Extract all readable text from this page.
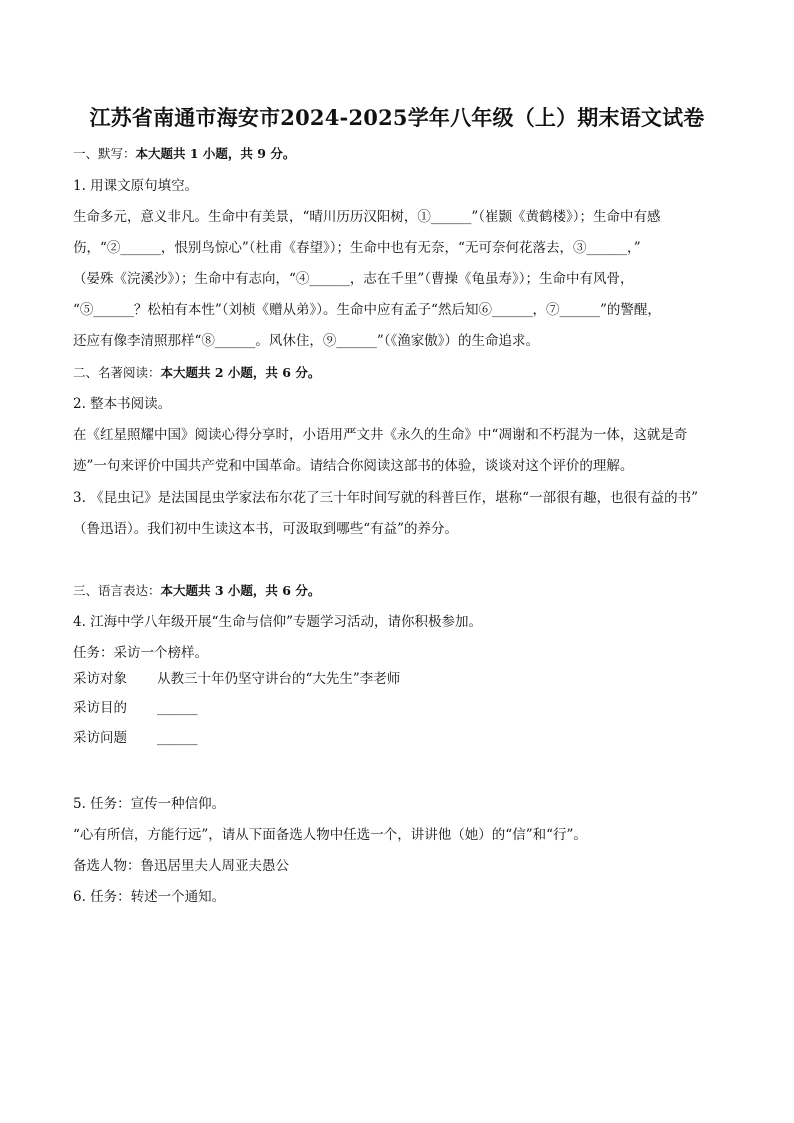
江苏省南通市海安市2024-2025学年八年级（上）期末语文试卷
一、默写：本大题共 1 小题，共 9 分。
1. 用课文原句填空。
生命多元，意义非凡。生命中有美景，“晴川历历汉阳树，①______”（崔颢《黄鹤楼》）；生命中有感
伤，“②______，恨别鸟惊心”（杜甫《春望》）；生命中也有无奈，“无可奈何花落去，③______，”
（晏殊《浣溪沙》）；生命中有志向，“④______，志在千里”（曹操《龟虽寿》）；生命中有风骨，
“⑤______？松柏有本性”（刘桢《赠从弟》）。生命中应有孟子“然后知⑥______，⑦______”的警醒，
还应有像李清照那样“⑧______。风休住，⑨______”（《渔家傲》）的生命追求。
二、名著阅读：本大题共 2 小题，共 6 分。
2. 整本书阅读。
在《红星照耀中国》阅读心得分享时，小语用严文井《永久的生命》中“凋谢和不朽混为一体，这就是奇
迹”一句来评价中国共产党和中国革命。请结合你阅读这部书的体验，谈谈对这个评价的理解。
3. 《昆虫记》是法国昆虫学家法布尔花了三十年时间写就的科普巨作，堪称“一部很有趣，也很有益的书”
（鲁迅语）。我们初中生读这本书，可汲取到哪些“有益”的养分。
三、语言表达：本大题共 3 小题，共 6 分。
4. 江海中学八年级开展“生命与信仰”专题学习活动，请你积极参加。
任务：采访一个榜样。
采访对象 从教三十年仍坚守讲台的“大先生”李老师
采访目的 ______
采访问题 ______
5. 任务：宣传一种信仰。
“心有所信，方能行远”，请从下面备选人物中任选一个，讲讲他（她）的“信”和“行”。
备选人物：鲁迅居里夫人周亚夫愚公
6. 任务：转述一个通知。
